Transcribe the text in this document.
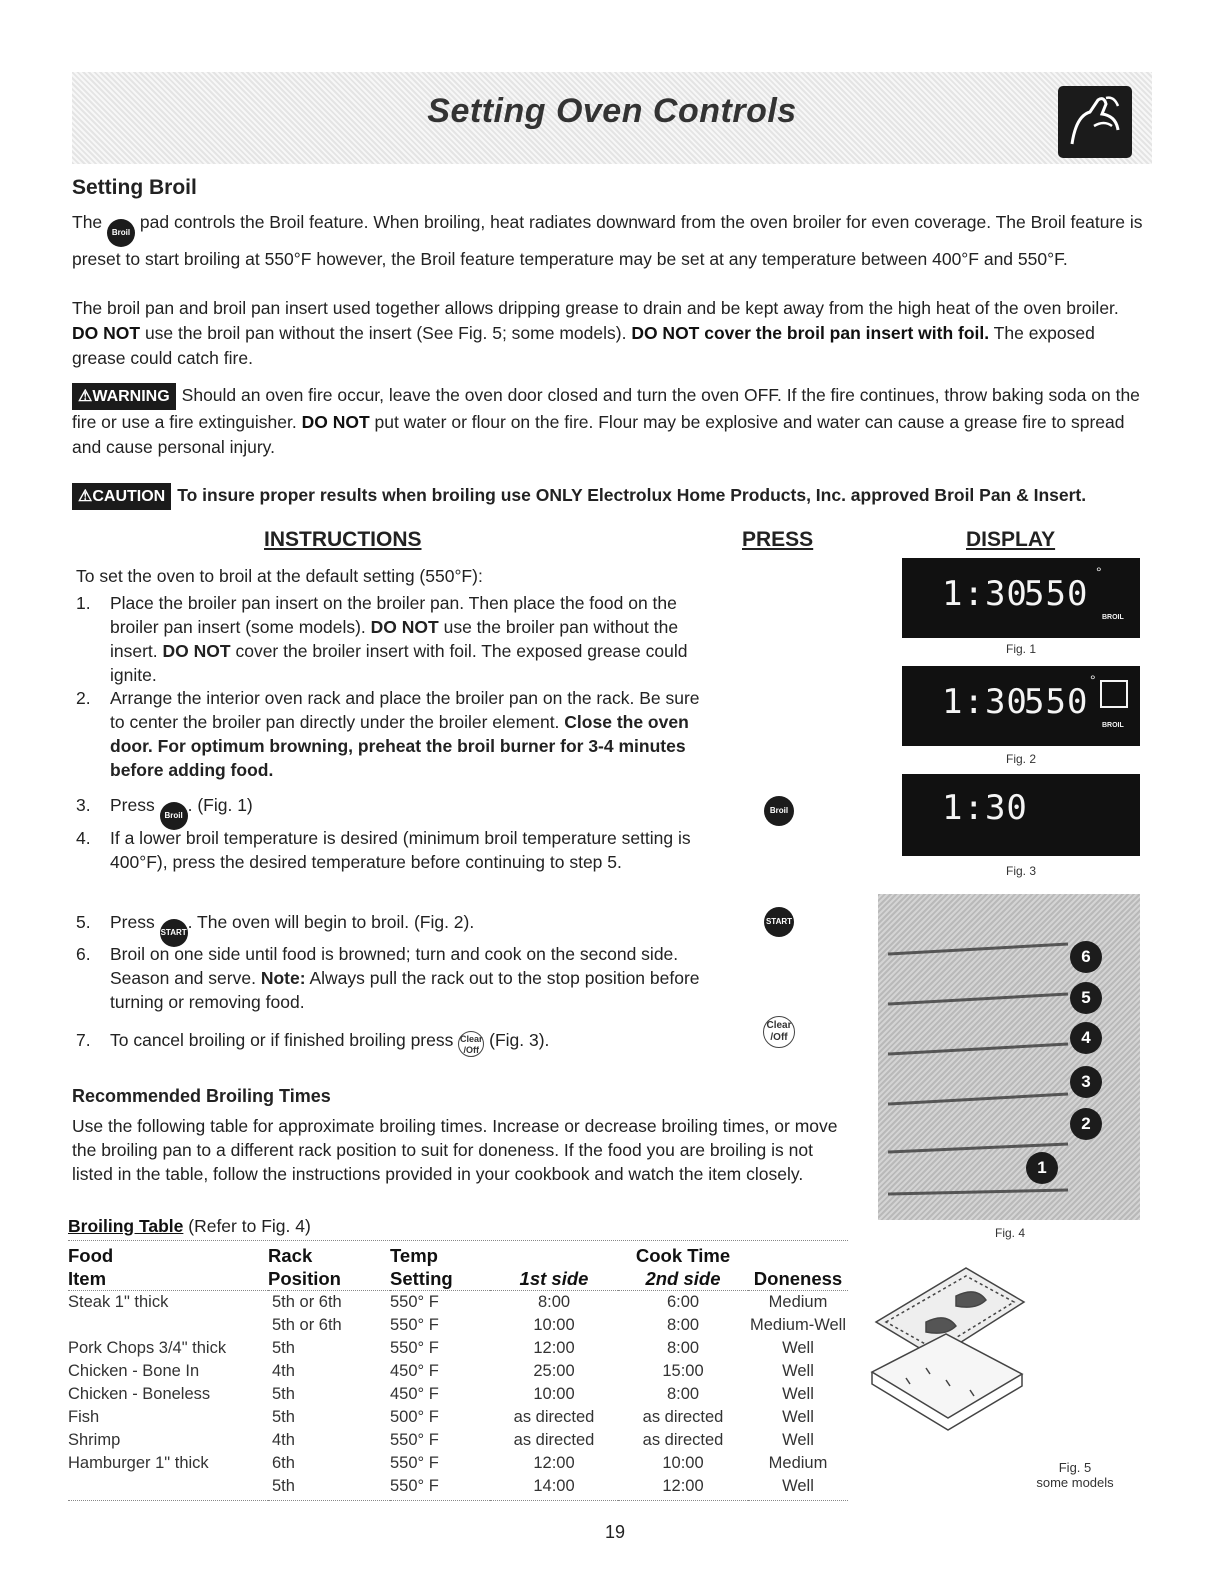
Setting Oven Controls
Setting Broil
The Broil pad controls the Broil feature. When broiling, heat radiates downward from the oven broiler for even coverage. The Broil feature is preset to start broiling at 550°F however, the Broil feature temperature may be set at any temperature between 400°F and 550°F.
The broil pan and broil pan insert used together allows dripping grease to drain and be kept away from the high heat of the oven broiler. DO NOT use the broil pan without the insert (See Fig. 5; some models). DO NOT cover the broil pan insert with foil. The exposed grease could catch fire.
⚠WARNING Should an oven fire occur, leave the oven door closed and turn the oven OFF. If the fire continues, throw baking soda on the fire or use a fire extinguisher. DO NOT put water or flour on the fire. Flour may be explosive and water can cause a grease fire to spread and cause personal injury.
⚠CAUTION To insure proper results when broiling use ONLY Electrolux Home Products, Inc. approved Broil Pan & Insert.
INSTRUCTIONS	PRESS	DISPLAY
To set the oven to broil at the default setting (550°F):
1. Place the broiler pan insert on the broiler pan. Then place the food on the broiler pan insert (some models). DO NOT use the broiler pan without the insert. DO NOT cover the broiler insert with foil. The exposed grease could ignite.
2. Arrange the interior oven rack and place the broiler pan on the rack. Be sure to center the broiler pan directly under the broiler element. Close the oven door. For optimum browning, preheat the broil burner for 3-4 minutes before adding food.
3. Press Broil. (Fig. 1)
4. If a lower broil temperature is desired (minimum broil temperature setting is 400°F), press the desired temperature before continuing to step 5.
5. Press START. The oven will begin to broil. (Fig. 2).
6. Broil on one side until food is browned; turn and cook on the second side. Season and serve. Note: Always pull the rack out to the stop position before turning or removing food.
7. To cancel broiling or if finished broiling press Clear
/Off (Fig. 3).
Broil
START
Clear
/Off
1:30
550
°
BROIL
Fig. 1
1:30
550
°
BROIL
Fig. 2
1:30
Fig. 3
6
5
4
3
2
1
Fig. 4
Fig. 5
some models
Recommended Broiling Times
Use the following table for approximate broiling times. Increase or decrease broiling times, or move the broiling pan to a different rack position to suit for doneness. If the food you are broiling is not listed in the table, follow the instructions provided in your cookbook and watch the item closely.
Broiling Table (Refer to Fig. 4)
Food	Rack	Temp		Cook Time	
Item	Position	Setting	1st side	2nd side	Doneness
Steak 1" thick	5th or 6th	550° F	8:00	6:00	Medium
	5th or 6th	550° F	10:00	8:00	Medium-Well
Pork Chops 3/4" thick	5th	550° F	12:00	8:00	Well
Chicken - Bone In	4th	450° F	25:00	15:00	Well
Chicken - Boneless	5th	450° F	10:00	8:00	Well
Fish	5th	500° F	as directed	as directed	Well
Shrimp	4th	550° F	as directed	as directed	Well
Hamburger 1" thick	6th	550° F	12:00	10:00	Medium
	5th	550° F	14:00	12:00	Well

19
